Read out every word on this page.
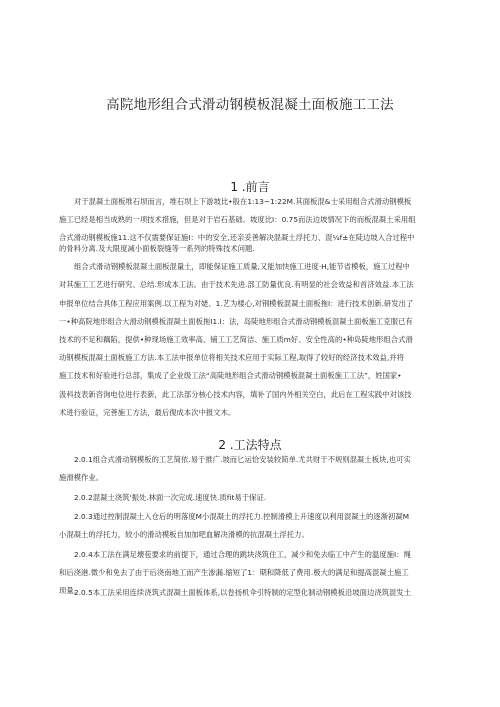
高院地形组合式滑动钢模板混凝土面板施工工法
1 .前言
对于混凝土面板堆石坝而言，堆石坝上下游坡比•般在1:13~1:22M.其面板混&士采用组合式滑动钢模板
施工已经是相当成熟的一项技术措施，但是对于岩石基础、坡度比I：0.75而法边坡情况下的而板混凝土采用组
合式滑动钢模板施11.这不仅需要保证施I：中的安全,还亲妥善解决混凝土浮托力、混¼f±在陡边坡入合过程中
的骨料分离.及大限度减小面板裂缝等一系列的特殊技术问题.
组合式滑动钢模板混凝土面板混量土，即能保证施工质量,又能加快施工进度·H,能节省模板，施工过程中
对其施工工艺进行研究、总结.形成本工法。由于技术先进.部工防量优良.有明显的社会效益和首济效益.本工法
申报单位结合具体工程应用案例.以工程为对姥、1.艺为楼心,对钢模板混凝土面板拖I：进行技术创新.研发出了
一•种高院地形组合大滑动钢模板混凝土面板拖I1.I：法，岛陡地形组合式滑动钢模板混凝土面板施工克服已有
技术的不足和藕陷，提供•种现场施工效率高、铺工工艺简洁、施工质m好、安全性高的•种岛陡地形组合式滑
动钢模板混凝土面板施工方法.本工法申报单位将相关技术应用于实际工程,取得了较好的经济技术效益,并将
施工技术和好验进行总部，集成了企业级工法“高陡地形组合式滑动钢模板混凝土面板施工工法”，姓国家•
汲科技表新咨询电位进行表新，此工法部分核心技术内容，填补了国内外相关空白，此后在工程实践中对该技
术进行验证，完善施工方法，最后復成本次中报文木。
2 .工法特点
2.0.1组合式滑动钢模板的工艺简依.易于推广.坡而匕运恰安装较简单.尤共财于不规则混凝土板块,也可实
施滑模作业。
2.0.2混凝土浇筑'振处.林面一次完成.速度快.质fit易于保证.
2.0.3通过控制混凝土入仓后的明落度M小混凝土的浮托力.控制滑模上升速度以利用混凝土的逐渐初凝M
小混凝土的浮托力，较小的滑动模板自加加吧血解决滑模的抗混凝土浮托力。
2.0.4本工法在满足壊苞要求的前提下，通过合理的跳块浇筑住工，减少和免去临工中产生的温度施I：绳
和后浇港.微少和免去了由于后浇南地工而产生渗漏.缩短了1：期和降低了费用.极大的满足和提高混凝土施工
顼量。
2.0.5本工法采用连续浇筑式混凝土面板体系,以卷扬机伞引特制的定型化制动钢模板沿坡面边浇筑混发土
